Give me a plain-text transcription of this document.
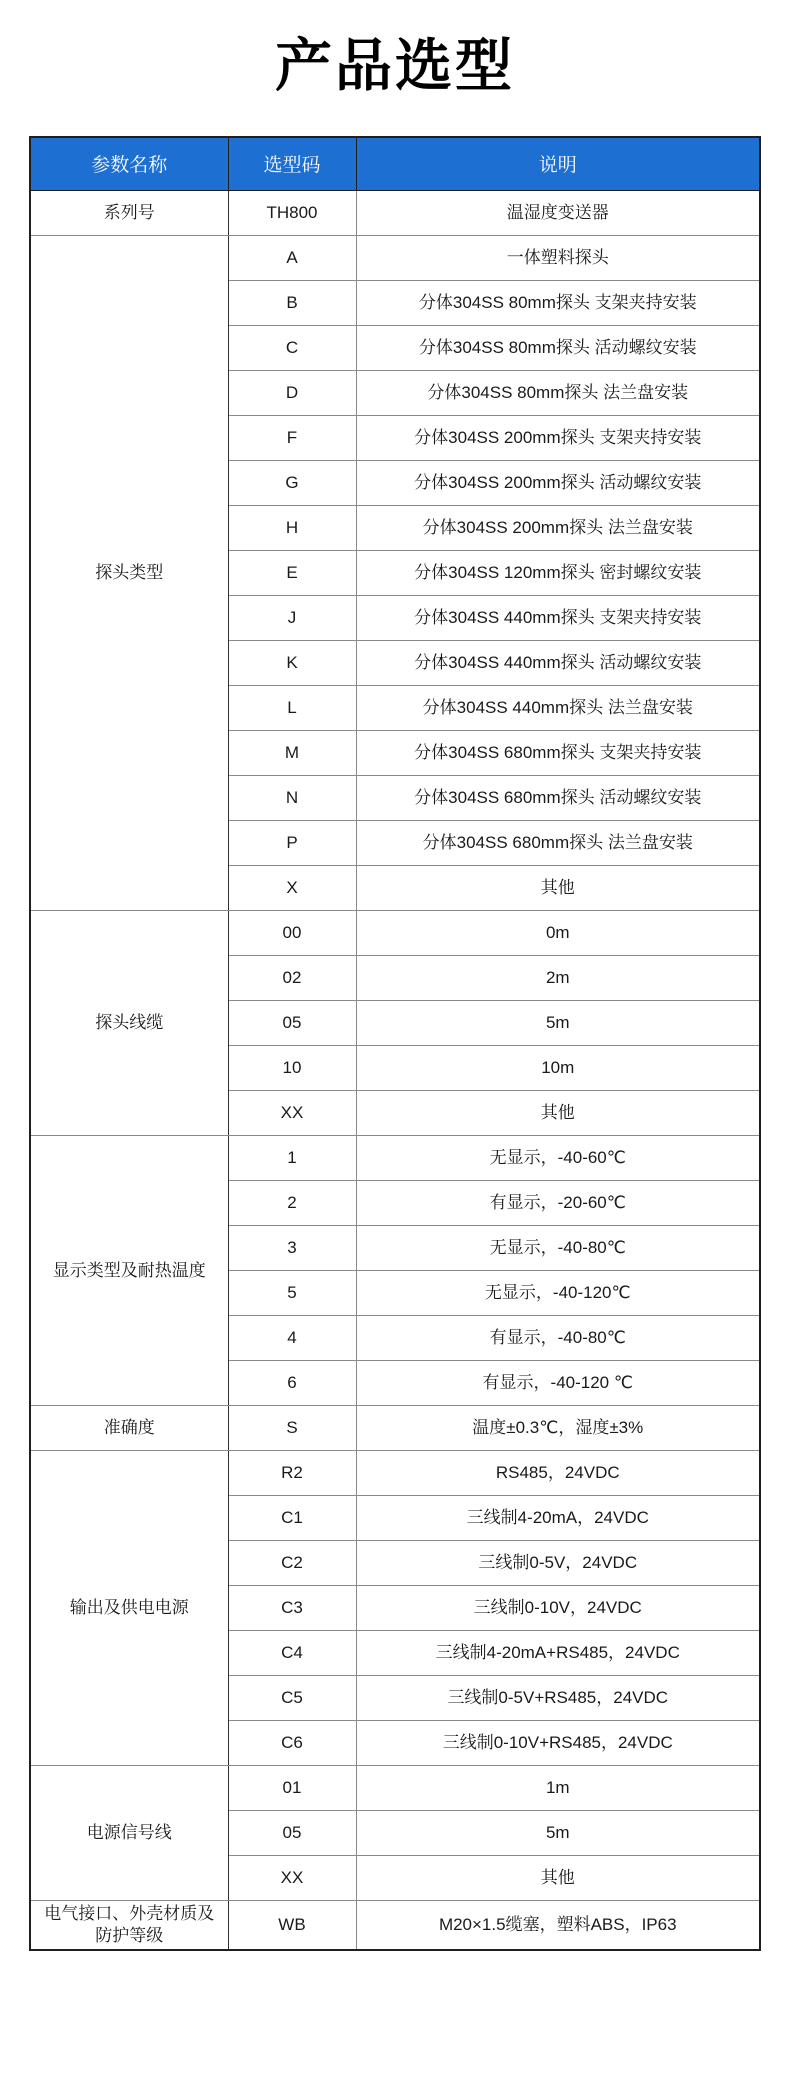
产品选型
参数名称	选型码	说明
系列号	TH800	温湿度变送器
探头类型	A	一体塑料探头
	B	分体304SS 80mm探头 支架夹持安装
	C	分体304SS 80mm探头 活动螺纹安装
	D	分体304SS 80mm探头 法兰盘安装
	F	分体304SS 200mm探头 支架夹持安装
	G	分体304SS 200mm探头 活动螺纹安装
	H	分体304SS 200mm探头 法兰盘安装
	E	分体304SS 120mm探头 密封螺纹安装
	J	分体304SS 440mm探头 支架夹持安装
	K	分体304SS 440mm探头 活动螺纹安装
	L	分体304SS 440mm探头 法兰盘安装
	M	分体304SS 680mm探头 支架夹持安装
	N	分体304SS 680mm探头 活动螺纹安装
	P	分体304SS 680mm探头 法兰盘安装
	X	其他
探头线缆	00	0m
	02	2m
	05	5m
	10	10m
	XX	其他
显示类型及耐热温度	1	无显示，-40-60℃
	2	有显示，-20-60℃
	3	无显示，-40-80℃
	5	无显示，-40-120℃
	4	有显示，-40-80℃
	6	有显示，-40-120 ℃
准确度	S	温度±0.3℃，湿度±3%
输出及供电电源	R2	RS485，24VDC
	C1	三线制4-20mA，24VDC
	C2	三线制0-5V，24VDC
	C3	三线制0-10V，24VDC
	C4	三线制4-20mA+RS485，24VDC
	C5	三线制0-5V+RS485，24VDC
	C6	三线制0-10V+RS485，24VDC
电源信号线	01	1m
	05	5m
	XX	其他
电气接口、外壳材质及防护等级	WB	M20×1.5缆塞，塑料ABS，IP63
